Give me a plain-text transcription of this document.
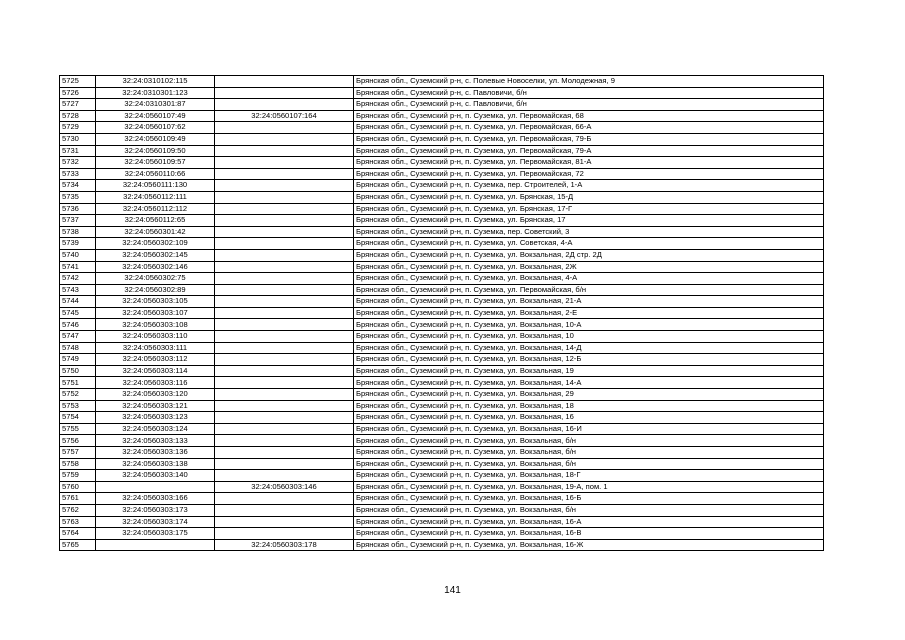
5725	32:24:0310102:115		Брянская обл., Суземский р-н, с. Полевые Новоселки, ул. Молодежная, 9
5726	32:24:0310301:123		Брянская обл., Суземский р-н, с. Павловичи, б/н
5727	32:24:0310301:87		Брянская обл., Суземский р-н, с. Павловичи, б/н
5728	32:24:0560107:49	32:24:0560107:164	Брянская обл., Суземский р-н, п. Суземка, ул. Первомайская, 68
5729	32:24:0560107:62		Брянская обл., Суземский р-н, п. Суземка, ул. Первомайская, 66-А
5730	32:24:0560109:49		Брянская обл., Суземский р-н, п. Суземка, ул. Первомайская, 79-Б
5731	32:24:0560109:50		Брянская обл., Суземский р-н, п. Суземка, ул. Первомайская, 79-А
5732	32:24:0560109:57		Брянская обл., Суземский р-н, п. Суземка, ул. Первомайская, 81-А
5733	32:24:0560110:66		Брянская обл., Суземский р-н, п. Суземка, ул. Первомайская, 72
5734	32:24:0560111:130		Брянская обл., Суземский р-н, п. Суземка, пер. Строителей, 1-А
5735	32:24:0560112:111		Брянская обл., Суземский р-н, п. Суземка, ул. Брянская, 15-Д
5736	32:24:0560112:112		Брянская обл., Суземский р-н, п. Суземка, ул. Брянская, 17-Г
5737	32:24:0560112:65		Брянская обл., Суземский р-н, п. Суземка, ул. Брянская, 17
5738	32:24:0560301:42		Брянская обл., Суземский р-н, п. Суземка, пер. Советский, 3
5739	32:24:0560302:109		Брянская обл., Суземский р-н, п. Суземка, ул. Советская, 4-А
5740	32:24:0560302:145		Брянская обл., Суземский р-н, п. Суземка, ул. Вокзальная, 2Д стр. 2Д
5741	32:24:0560302:146		Брянская обл., Суземский р-н, п. Суземка, ул. Вокзальная, 2Ж
5742	32:24:0560302:75		Брянская обл., Суземский р-н, п. Суземка, ул. Вокзальная, 4-А
5743	32:24:0560302:89		Брянская обл., Суземский р-н, п. Суземка, ул. Первомайская, б/н
5744	32:24:0560303:105		Брянская обл., Суземский р-н, п. Суземка, ул. Вокзальная, 21-А
5745	32:24:0560303:107		Брянская обл., Суземский р-н, п. Суземка, ул. Вокзальная, 2-Е
5746	32:24:0560303:108		Брянская обл., Суземский р-н, п. Суземка, ул. Вокзальная, 10-А
5747	32:24:0560303:110		Брянская обл., Суземский р-н, п. Суземка, ул. Вокзальная, 10
5748	32:24:0560303:111		Брянская обл., Суземский р-н, п. Суземка, ул. Вокзальная, 14-Д
5749	32:24:0560303:112		Брянская обл., Суземский р-н, п. Суземка, ул. Вокзальная, 12-Б
5750	32:24:0560303:114		Брянская обл., Суземский р-н, п. Суземка, ул. Вокзальная, 19
5751	32:24:0560303:116		Брянская обл., Суземский р-н, п. Суземка, ул. Вокзальная, 14-А
5752	32:24:0560303:120		Брянская обл., Суземский р-н, п. Суземка, ул. Вокзальная, 29
5753	32:24:0560303:121		Брянская обл., Суземский р-н, п. Суземка, ул. Вокзальная, 18
5754	32:24:0560303:123		Брянская обл., Суземский р-н, п. Суземка, ул. Вокзальная, 16
5755	32:24:0560303:124		Брянская обл., Суземский р-н, п. Суземка, ул. Вокзальная, 16-И
5756	32:24:0560303:133		Брянская обл., Суземский р-н, п. Суземка, ул. Вокзальная, б/н
5757	32:24:0560303:136		Брянская обл., Суземский р-н, п. Суземка, ул. Вокзальная, б/н
5758	32:24:0560303:138		Брянская обл., Суземский р-н, п. Суземка, ул. Вокзальная, б/н
5759	32:24:0560303:140		Брянская обл., Суземский р-н, п. Суземка, ул. Вокзальная, 18-Г
5760		32:24:0560303:146	Брянская обл., Суземский р-н, п. Суземка, ул. Вокзальная, 19-А, пом. 1
5761	32:24:0560303:166		Брянская обл., Суземский р-н, п. Суземка, ул. Вокзальная, 16-Б
5762	32:24:0560303:173		Брянская обл., Суземский р-н, п. Суземка, ул. Вокзальная, б/н
5763	32:24:0560303:174		Брянская обл., Суземский р-н, п. Суземка, ул. Вокзальная, 16-А
5764	32:24:0560303:175		Брянская обл., Суземский р-н, п. Суземка, ул. Вокзальная, 16-В
5765		32:24:0560303:178	Брянская обл., Суземский р-н, п. Суземка, ул. Вокзальная, 16-Ж
141
